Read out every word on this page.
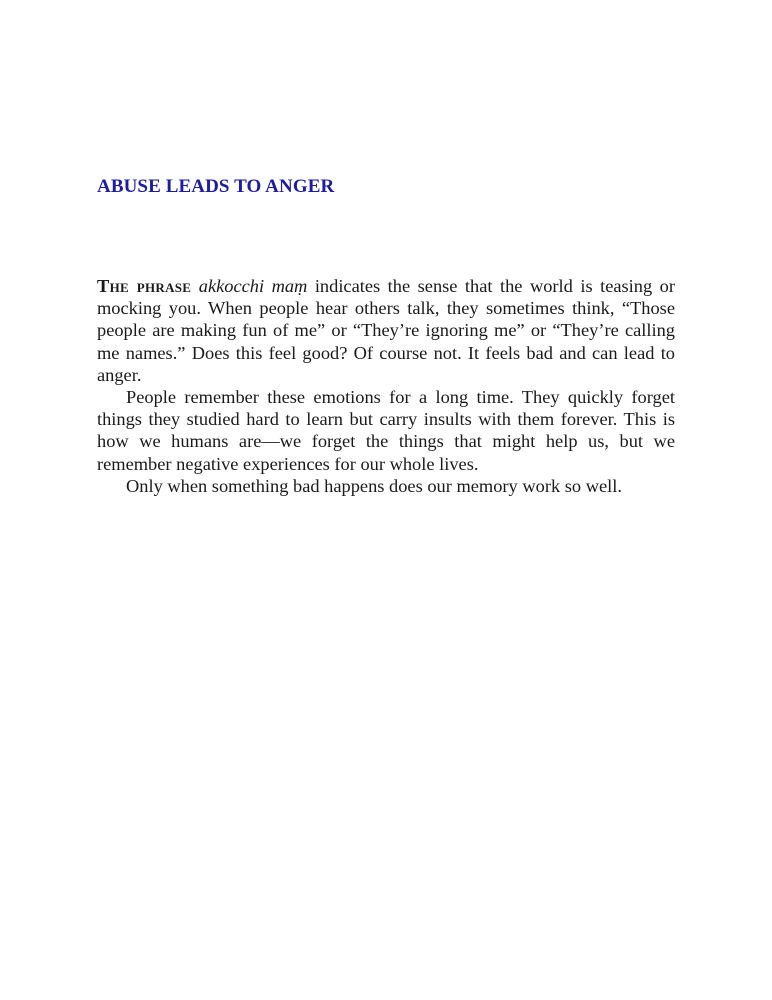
ABUSE LEADS TO ANGER

The phrase akkocchi maṃ indicates the sense that the world is teasing or mocking you. When people hear others talk, they sometimes think, “Those people are making fun of me” or “They’re ignoring me” or “They’re calling me names.” Does this feel good? Of course not. It feels bad and can lead to anger.

People remember these emotions for a long time. They quickly forget things they studied hard to learn but carry insults with them forever. This is how we humans are—we forget the things that might help us, but we remember negative experiences for our whole lives.

Only when something bad happens does our memory work so well.
